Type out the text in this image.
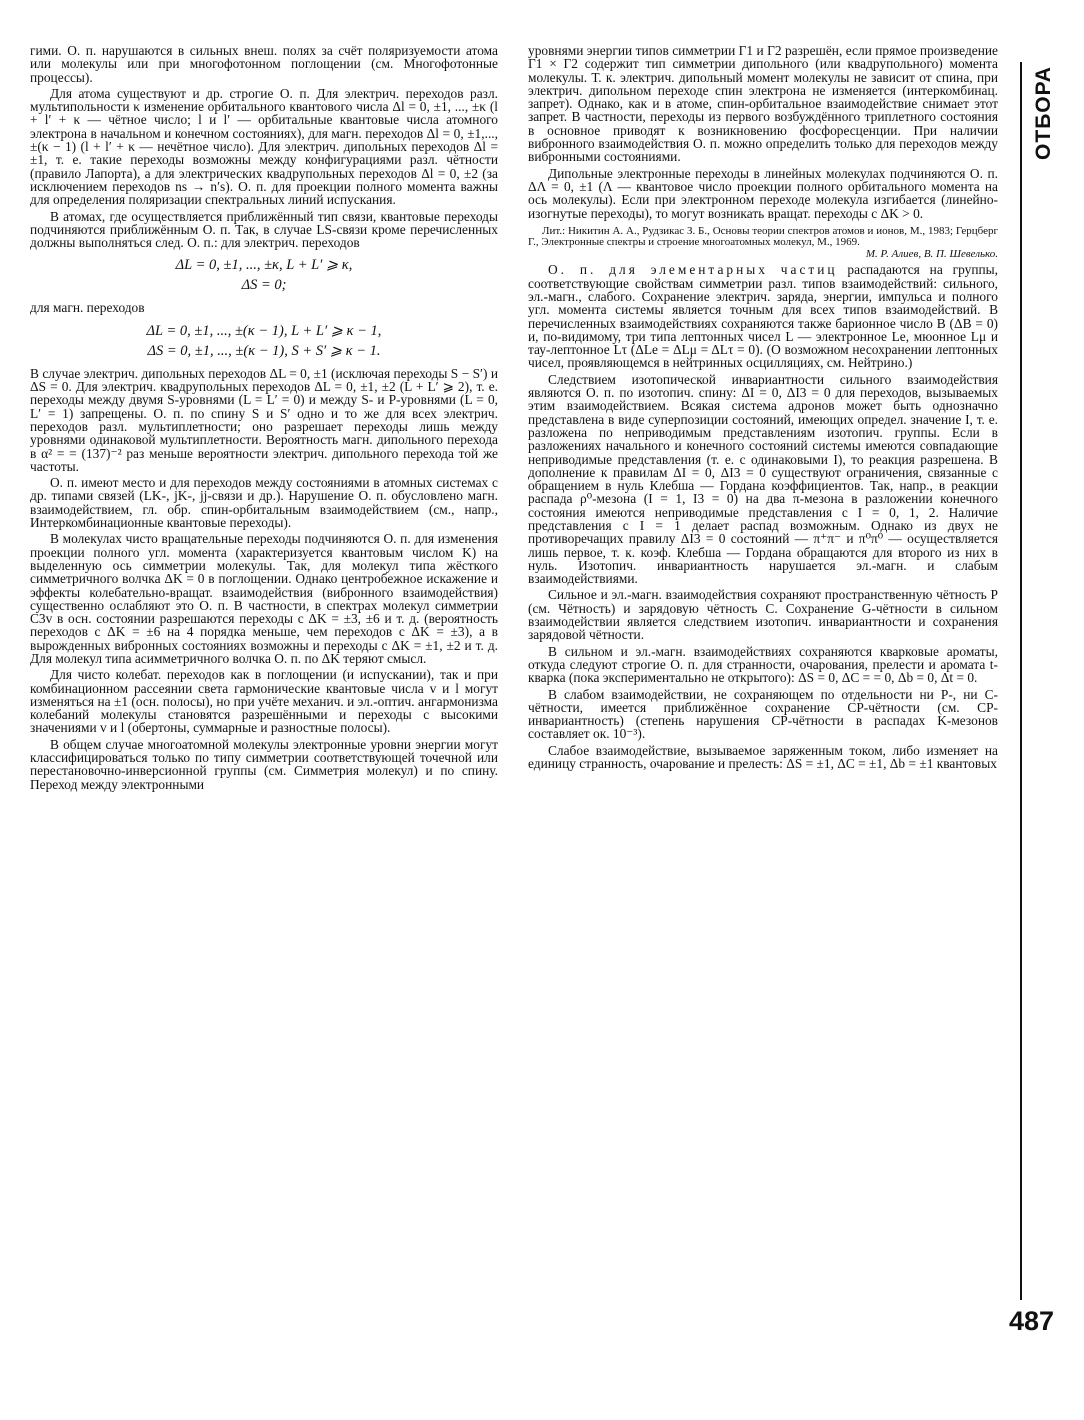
ОТБОРА

гими. О. п. нарушаются в сильных внеш. полях за счёт поляризуемости атома или молекулы или при многофотонном поглощении (см. Многофотонные процессы).

Для атома существуют и др. строгие О. п. Для электрич. переходов разл. мультипольности κ изменение орбитального квантового числа Δl = 0, ±1, ..., ±κ (l + l′ + κ — чётное число; l и l′ — орбитальные квантовые числа атомного электрона в начальном и конечном состояниях), для магн. переходов Δl = 0, ±1,..., ±(κ − 1) (l + l′ + κ — нечётное число). Для электрич. дипольных переходов Δl = ±1, т. е. такие переходы возможны между конфигурациями разл. чётности (правило Лапорта), а для электрических квадрупольных переходов Δl = 0, ±2 (за исключением переходов ns → n′s). О. п. для проекции полного момента важны для определения поляризации спектральных линий испускания.

В атомах, где осуществляется приближённый тип связи, квантовые переходы подчиняются приближённым О. п. Так, в случае LS-связи кроме перечисленных должны выполняться след. О. п.: для электрич. переходов

ΔL = 0, ±1, ..., ±κ, L + L′ ⩾ κ,
ΔS = 0;

для магн. переходов

ΔL = 0, ±1, ..., ±(κ − 1), L + L′ ⩾ κ − 1,
ΔS = 0, ±1, ..., ±(κ − 1), S + S′ ⩾ κ − 1.

В случае электрич. дипольных переходов ΔL = 0, ±1 (исключая переходы S − S′) и ΔS = 0. Для электрич. квадрупольных переходов ΔL = 0, ±1, ±2 (L + L′ ⩾ 2), т. е. переходы между двумя S-уровнями (L = L′ = 0) и между S- и P-уровнями (L = 0, L′ = 1) запрещены. О. п. по спину S и S′ одно и то же для всех электрич. переходов разл. мультиплетности; оно разрешает переходы лишь между уровнями одинаковой мультиплетности. Вероятность магн. дипольного перехода в α² = = (137)⁻² раз меньше вероятности электрич. дипольного перехода той же частоты.

О. п. имеют место и для переходов между состояниями в атомных системах с др. типами связей (LK-, jK-, jj-связи и др.). Нарушение О. п. обусловлено магн. взаимодействием, гл. обр. спин-орбитальным взаимодействием (см., напр., Интеркомбинационные квантовые переходы).

В молекулах чисто вращательные переходы подчиняются О. п. для изменения проекции полного угл. момента (характеризуется квантовым числом K) на выделенную ось симметрии молекулы. Так, для молекул типа жёсткого симметричного волчка ΔK = 0 в поглощении. Однако центробежное искажение и эффекты колебательно-вращат. взаимодействия (вибронного взаимодействия) существенно ослабляют это О. п. В частности, в спектрах молекул симметрии C3v в осн. состоянии разрешаются переходы с ΔK = ±3, ±6 и т. д. (вероятность переходов с ΔK = ±6 на 4 порядка меньше, чем переходов с ΔK = ±3), а в вырожденных вибронных состояниях возможны и переходы с ΔK = ±1, ±2 и т. д. Для молекул типа асимметричного волчка О. п. по ΔK теряют смысл.

Для чисто колебат. переходов как в поглощении (и испускании), так и при комбинационном рассеянии света гармонические квантовые числа v и l могут изменяться на ±1 (осн. полосы), но при учёте механич. и эл.-оптич. ангармонизма колебаний молекулы становятся разрешёнными и переходы с высокими значениями v и l (обертоны, суммарные и разностные полосы).

В общем случае многоатомной молекулы электронные уровни энергии могут классифицироваться только по типу симметрии соответствующей точечной или перестановочно-инверсионной группы (см. Симметрия молекул) и по спину. Переход между электронными

уровнями энергии типов симметрии Γ1 и Γ2 разрешён, если прямое произведение Γ1 × Γ2 содержит тип симметрии дипольного (или квадрупольного) момента молекулы. Т. к. электрич. дипольный момент молекулы не зависит от спина, при электрич. дипольном переходе спин электрона не изменяется (интеркомбинац. запрет). Однако, как и в атоме, спин-орбитальное взаимодействие снимает этот запрет. В частности, переходы из первого возбуждённого триплетного состояния в основное приводят к возникновению фосфоресценции. При наличии вибронного взаимодействия О. п. можно определить только для переходов между вибронными состояниями.

Дипольные электронные переходы в линейных молекулах подчиняются О. п. ΔΛ = 0, ±1 (Λ — квантовое число проекции полного орбитального момента на ось молекулы). Если при электронном переходе молекула изгибается (линейно-изогнутые переходы), то могут возникать вращат. переходы с ΔK > 0.

Лит.: Никитин А. А., Рудзикас З. Б., Основы теории спектров атомов и ионов, М., 1983; Герцберг Г., Электронные спектры и строение многоатомных молекул, М., 1969.
М. Р. Алиев, В. П. Шевелько.

О. п. для элементарных частиц распадаются на группы, соответствующие свойствам симметрии разл. типов взаимодействий: сильного, эл.-магн., слабого. Сохранение электрич. заряда, энергии, импульса и полного угл. момента системы является точным для всех типов взаимодействий. В перечисленных взаимодействиях сохраняются также барионное число B (ΔB = 0) и, по-видимому, три типа лептонных чисел L — электронное Le, мюонное Lμ и тау-лептонное Lτ (ΔLe = ΔLμ = ΔLτ = 0). (О возможном несохранении лептонных чисел, проявляющемся в нейтринных осцилляциях, см. Нейтрино.)

Следствием изотопической инвариантности сильного взаимодействия являются О. п. по изотопич. спину: ΔI = 0, ΔI3 = 0 для переходов, вызываемых этим взаимодействием. Всякая система адронов может быть однозначно представлена в виде суперпозиции состояний, имеющих определ. значение I, т. е. разложена по неприводимым представлениям изотопич. группы. Если в разложениях начального и конечного состояний системы имеются совпадающие неприводимые представления (т. е. с одинаковыми I), то реакция разрешена. В дополнение к правилам ΔI = 0, ΔI3 = 0 существуют ограничения, связанные с обращением в нуль Клебша — Гордана коэффициентов. Так, напр., в реакции распада ρ⁰-мезона (I = 1, I3 = 0) на два π-мезона в разложении конечного состояния имеются неприводимые представления с I = 0, 1, 2. Наличие представления с I = 1 делает распад возможным. Однако из двух не противоречащих правилу ΔI3 = 0 состояний — π⁺π⁻ и π⁰π⁰ — осуществляется лишь первое, т. к. коэф. Клебша — Гордана обращаются для второго из них в нуль. Изотопич. инвариантность нарушается эл.-магн. и слабым взаимодействиями.

Сильное и эл.-магн. взаимодействия сохраняют пространственную чётность P (см. Чётность) и зарядовую чётность C. Сохранение G-чётности в сильном взаимодействии является следствием изотопич. инвариантности и сохранения зарядовой чётности.

В сильном и эл.-магн. взаимодействиях сохраняются кварковые ароматы, откуда следуют строгие О. п. для странности, очарования, прелести и аромата t-кварка (пока экспериментально не открытого): ΔS = 0, ΔC = = 0, Δb = 0, Δt = 0.

В слабом взаимодействии, не сохраняющем по отдельности ни P-, ни C-чётности, имеется приближённое сохранение CP-чётности (см. CP-инвариантность) (степень нарушения CP-чётности в распадах K-мезонов составляет ок. 10⁻³).

Слабое взаимодействие, вызываемое заряженным током, либо изменяет на единицу странность, очарование и прелесть: ΔS = ±1, ΔC = ±1, Δb = ±1 квантовых

487
